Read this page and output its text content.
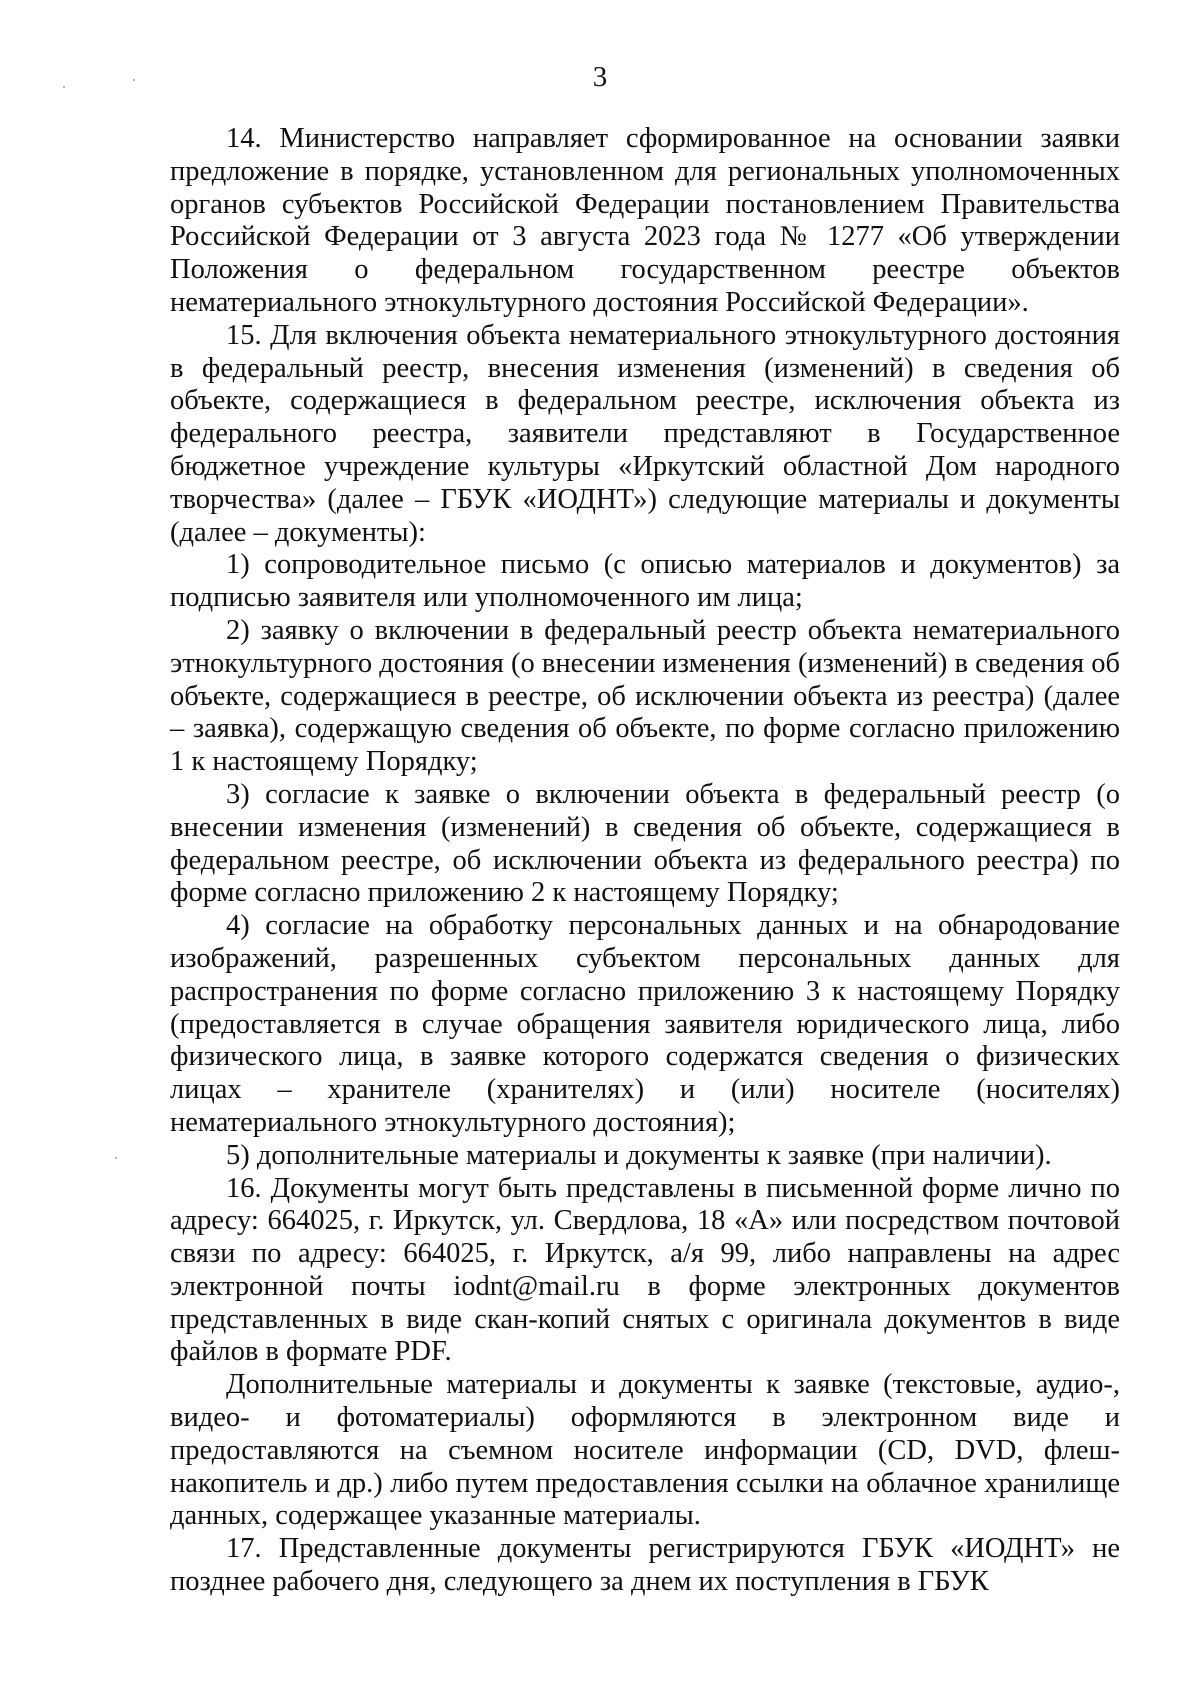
3

14. Министерство направляет сформированное на основании заявки предложение в порядке, установленном для региональных уполномоченных органов субъектов Российской Федерации постановлением Правительства Российской Федерации от 3 августа 2023 года № 1277 «Об утверждении Положения о федеральном государственном реестре объектов нематериального этнокультурного достояния Российской Федерации».

15. Для включения объекта нематериального этнокультурного достояния в федеральный реестр, внесения изменения (изменений) в сведения об объекте, содержащиеся в федеральном реестре, исключения объекта из федерального реестра, заявители представляют в Государственное бюджетное учреждение культуры «Иркутский областной Дом народного творчества» (далее – ГБУК «ИОДНТ») следующие материалы и документы (далее – документы):

1) сопроводительное письмо (с описью материалов и документов) за подписью заявителя или уполномоченного им лица;

2) заявку о включении в федеральный реестр объекта нематериального этнокультурного достояния (о внесении изменения (изменений) в сведения об объекте, содержащиеся в реестре, об исключении объекта из реестра) (далее – заявка), содержащую сведения об объекте, по форме согласно приложению 1 к настоящему Порядку;

3) согласие к заявке о включении объекта в федеральный реестр (о внесении изменения (изменений) в сведения об объекте, содержащиеся в федеральном реестре, об исключении объекта из федерального реестра) по форме согласно приложению 2 к настоящему Порядку;

4) согласие на обработку персональных данных и на обнародование изображений, разрешенных субъектом персональных данных для распространения по форме согласно приложению 3 к настоящему Порядку (предоставляется в случае обращения заявителя юридического лица, либо физического лица, в заявке которого содержатся сведения о физических лицах – хранителе (хранителях) и (или) носителе (носителях) нематериального этнокультурного достояния);

5) дополнительные материалы и документы к заявке (при наличии).

16. Документы могут быть представлены в письменной форме лично по адресу: 664025, г. Иркутск, ул. Свердлова, 18 «А» или посредством почтовой связи по адресу: 664025, г. Иркутск, а/я 99, либо направлены на адрес электронной почты iodnt@mail.ru в форме электронных документов представленных в виде скан-копий снятых с оригинала документов в виде файлов в формате PDF.

Дополнительные материалы и документы к заявке (текстовые, аудио-, видео- и фотоматериалы) оформляются в электронном виде и предоставляются на съемном носителе информации (CD, DVD, флеш-накопитель и др.) либо путем предоставления ссылки на облачное хранилище данных, содержащее указанные материалы.

17. Представленные документы регистрируются ГБУК «ИОДНТ» не позднее рабочего дня, следующего за днем их поступления в ГБУК
